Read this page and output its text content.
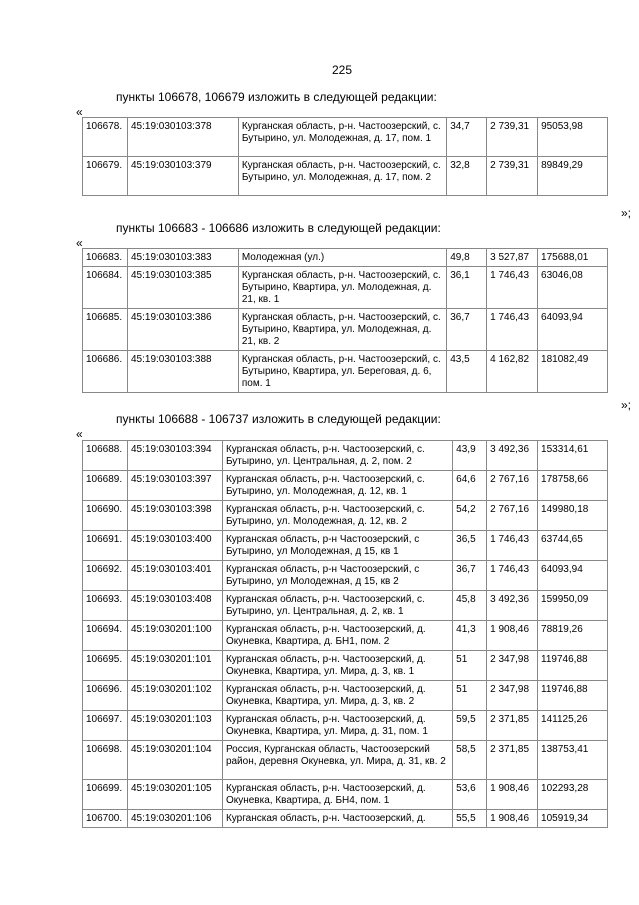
225
пункты 106678, 106679 изложить в следующей редакции:
«
106678.	45:19:030103:378	Курганская область, р-н. Частоозерский, с. Бутырино, ул. Молодежная, д. 17, пом. 1	34,7	2 739,31	95053,98
106679.	45:19:030103:379	Курганская область, р-н. Частоозерский, с. Бутырино, ул. Молодежная, д. 17, пом. 2	32,8	2 739,31	89849,29
»;
пункты 106683 - 106686 изложить в следующей редакции:
«
106683.	45:19:030103:383	Молодежная (ул.)	49,8	3 527,87	175688,01
106684.	45:19:030103:385	Курганская область, р-н. Частоозерский, с. Бутырино, Квартира, ул. Молодежная, д. 21, кв. 1	36,1	1 746,43	63046,08
106685.	45:19:030103:386	Курганская область, р-н. Частоозерский, с. Бутырино, Квартира, ул. Молодежная, д. 21, кв. 2	36,7	1 746,43	64093,94
106686.	45:19:030103:388	Курганская область, р-н. Частоозерский, с. Бутырино, Квартира, ул. Береговая, д. 6, пом. 1	43,5	4 162,82	181082,49
»;
пункты 106688 - 106737 изложить в следующей редакции:
«
106688.	45:19:030103:394	Курганская область, р-н. Частоозерский, с. Бутырино, ул. Центральная, д. 2, пом. 2	43,9	3 492,36	153314,61
106689.	45:19:030103:397	Курганская область, р-н. Частоозерский, с. Бутырино, ул. Молодежная, д. 12, кв. 1	64,6	2 767,16	178758,66
106690.	45:19:030103:398	Курганская область, р-н. Частоозерский, с. Бутырино, ул. Молодежная, д. 12, кв. 2	54,2	2 767,16	149980,18
106691.	45:19:030103:400	Курганская область, р-н Частоозерский, с Бутырино, ул Молодежная, д 15, кв 1	36,5	1 746,43	63744,65
106692.	45:19:030103:401	Курганская область, р-н Частоозерский, с Бутырино, ул Молодежная, д 15, кв 2	36,7	1 746,43	64093,94
106693.	45:19:030103:408	Курганская область, р-н. Частоозерский, с. Бутырино, ул. Центральная, д. 2, кв. 1	45,8	3 492,36	159950,09
106694.	45:19:030201:100	Курганская область, р-н. Частоозерский, д. Окуневка, Квартира, д. БН1, пом. 2	41,3	1 908,46	78819,26
106695.	45:19:030201:101	Курганская область, р-н. Частоозерский, д. Окуневка, Квартира, ул. Мира, д. 3, кв. 1	51	2 347,98	119746,88
106696.	45:19:030201:102	Курганская область, р-н. Частоозерский, д. Окуневка, Квартира, ул. Мира, д. 3, кв. 2	51	2 347,98	119746,88
106697.	45:19:030201:103	Курганская область, р-н. Частоозерский, д. Окуневка, Квартира, ул. Мира, д. 31, пом. 1	59,5	2 371,85	141125,26
106698.	45:19:030201:104	Россия, Курганская область, Частоозерский район, деревня Окуневка, ул. Мира, д. 31, кв. 2	58,5	2 371,85	138753,41
106699.	45:19:030201:105	Курганская область, р-н. Частоозерский, д. Окуневка, Квартира, д. БН4, пом. 1	53,6	1 908,46	102293,28
106700.	45:19:030201:106	Курганская область, р-н. Частоозерский, д.	55,5	1 908,46	105919,34
